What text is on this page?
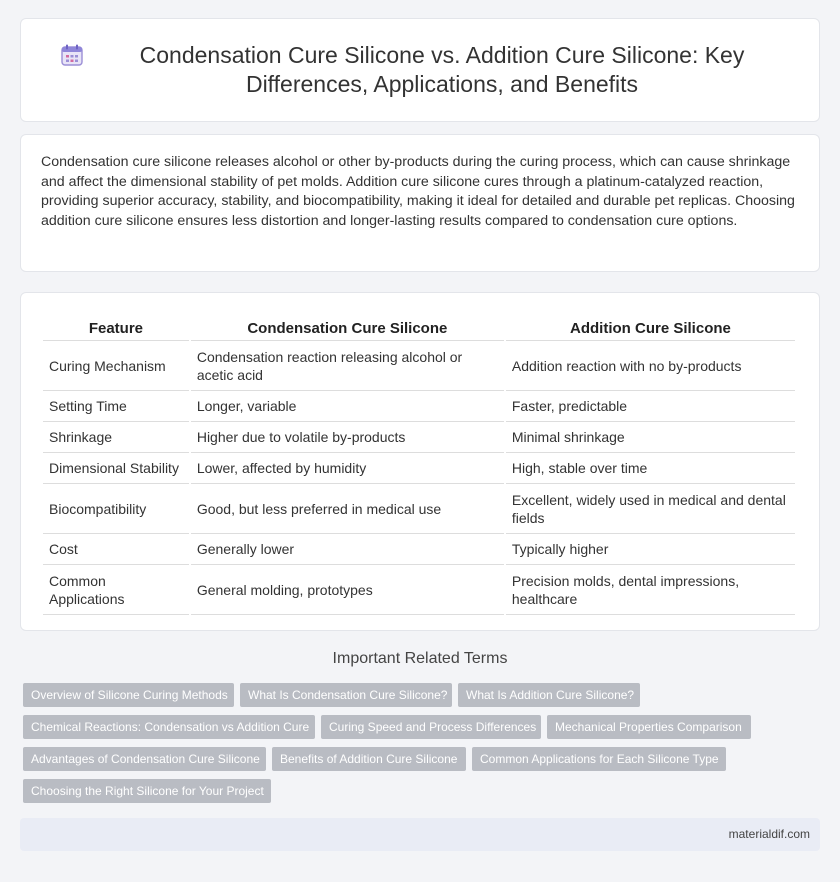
Condensation Cure Silicone vs. Addition Cure Silicone: Key Differences, Applications, and Benefits

Condensation cure silicone releases alcohol or other by-products during the curing process, which can cause shrinkage and affect the dimensional stability of pet molds. Addition cure silicone cures through a platinum-catalyzed reaction, providing superior accuracy, stability, and biocompatibility, making it ideal for detailed and durable pet replicas. Choosing addition cure silicone ensures less distortion and longer-lasting results compared to condensation cure options.

Feature	Condensation Cure Silicone	Addition Cure Silicone
Curing Mechanism	Condensation reaction releasing alcohol or acetic acid	Addition reaction with no by-products
Setting Time	Longer, variable	Faster, predictable
Shrinkage	Higher due to volatile by-products	Minimal shrinkage
Dimensional Stability	Lower, affected by humidity	High, stable over time
Biocompatibility	Good, but less preferred in medical use	Excellent, widely used in medical and dental fields
Cost	Generally lower	Typically higher
Common Applications	General molding, prototypes	Precision molds, dental impressions, healthcare
Important Related Terms
Overview of Silicone Curing Methods	What Is Condensation Cure Silicone?	What Is Addition Cure Silicone?
Chemical Reactions: Condensation vs Addition Cure	Curing Speed and Process Differences	Mechanical Properties Comparison
Advantages of Condensation Cure Silicone	Benefits of Addition Cure Silicone	Common Applications for Each Silicone Type
Choosing the Right Silicone for Your Project
materialdif.com
